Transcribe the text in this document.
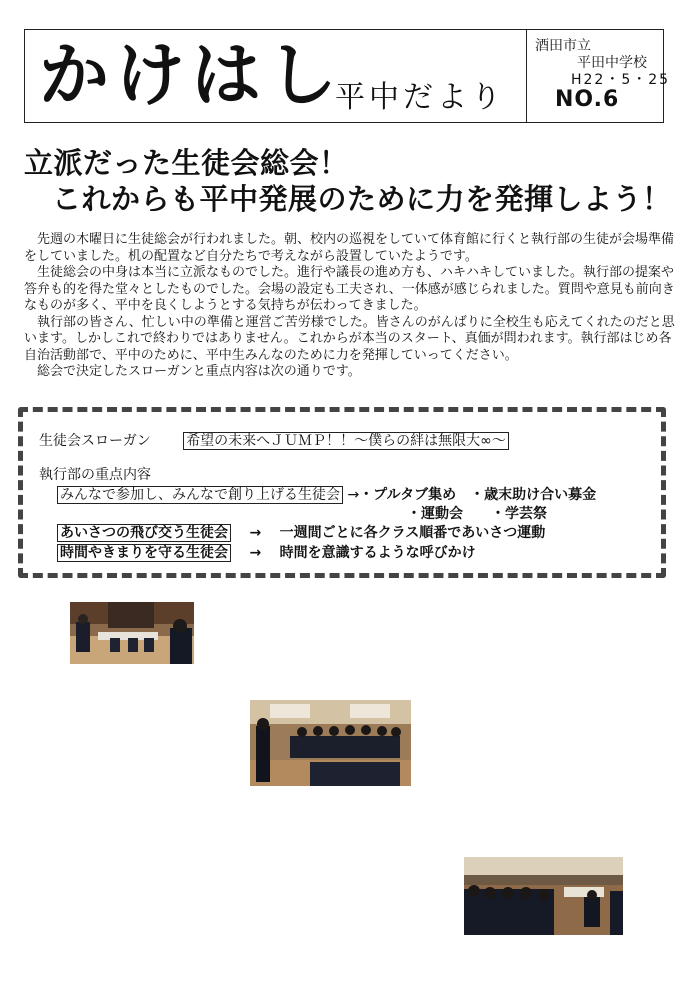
かけはし
平中だより
酒田市立
平田中学校
H22・5・25
NO.6
立派だった生徒会総会！
これからも平中発展のために力を発揮しよう！

　先週の木曜日に生徒総会が行われました。朝、校内の巡視をしていて体育館に行くと執行部の生徒が会場準備をしていました。机の配置など自分たちで考えながら設置していたようです。

　生徒総会の中身は本当に立派なものでした。進行や議長の進め方も、ハキハキしていました。執行部の提案や答弁も的を得た堂々としたものでした。会場の設定も工夫され、一体感が感じられました。質問や意見も前向きなものが多く、平中を良くしようとする気持ちが伝わってきました。

　執行部の皆さん、忙しい中の準備と運営ご苦労様でした。皆さんのがんばりに全校生も応えてくれたのだと思います。しかしこれで終わりではありません。これからが本当のスタート、真価が問われます。執行部はじめ各自治活動部で、平中のために、平中生みんなのために力を発揮していってください。

　総会で決定したスローガンと重点内容は次の通りです。

生徒会スローガン	希望の未来へＪＵＭＰ！！～僕らの絆は無限大∞～
執行部の重点内容
みんなで参加し、みんなで創り上げる生徒会 →・プルタブ集め　・歳末助け合い募金
・運動会　　・学芸祭
あいさつの飛び交う生徒会 → 一週間ごとに各クラス順番であいさつ運動
時間やきまりを守る生徒会 → 時間を意識するような呼びかけ
